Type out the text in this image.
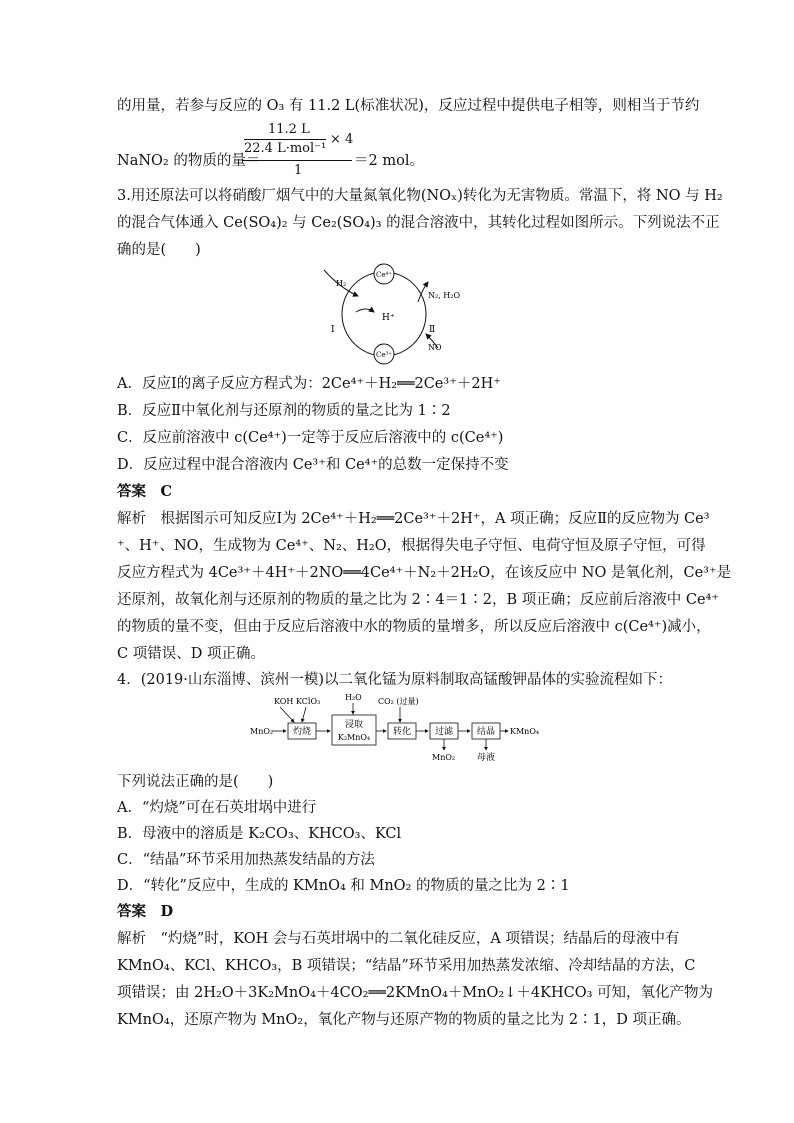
的用量，若参与反应的 O₃ 有 11.2 L(标准状况)，反应过程中提供电子相等，则相当于节约
11.2 L
22.4 L·mol⁻¹
× 4
1
NaNO₂ 的物质的量＝	＝2 mol。
3.用还原法可以将硝酸厂烟气中的大量氮氧化物(NOₓ)转化为无害物质。常温下，将 NO 与 H₂
的混合气体通入 Ce(SO₄)₂ 与 Ce₂(SO₄)₃ 的混合溶液中，其转化过程如图所示。下列说法不正
确的是(　　)
Ce⁴⁺
Ce³⁺
H₂
H⁺
N₂, H₂O
Ⅰ	Ⅱ
NO
A．反应Ⅰ的离子反应方程式为：2Ce⁴⁺＋H₂══2Ce³⁺＋2H⁺
B．反应Ⅱ中氧化剂与还原剂的物质的量之比为 1∶2
C．反应前溶液中 c(Ce⁴⁺)一定等于反应后溶液中的 c(Ce⁴⁺)
D．反应过程中混合溶液内 Ce³⁺和 Ce⁴⁺的总数一定保持不变
答案　C
解析　根据图示可知反应Ⅰ为 2Ce⁴⁺＋H₂══2Ce³⁺＋2H⁺，A 项正确；反应Ⅱ的反应物为 Ce³
⁺、H⁺、NO，生成物为 Ce⁴⁺、N₂、H₂O，根据得失电子守恒、电荷守恒及原子守恒，可得
反应方程式为 4Ce³⁺＋4H⁺＋2NO══4Ce⁴⁺＋N₂＋2H₂O，在该反应中 NO 是氧化剂，Ce³⁺是
还原剂，故氧化剂与还原剂的物质的量之比为 2∶4＝1∶2，B 项正确；反应前后溶液中 Ce⁴⁺
的物质的量不变，但由于反应后溶液中水的物质的量增多，所以反应后溶液中 c(Ce⁴⁺)减小，
C 项错误、D 项正确。
4．(2019·山东淄博、滨州一模)以二氧化锰为原料制取高锰酸钾晶体的实验流程如下：
KOH KClO₃	H₂O CO₂ (过量)
MnO₂ 灼烧
浸取
K₂MnO₄
转化	过滤	结晶 KMnO₄
MnO₂ 母液
下列说法正确的是(　　)
A．“灼烧”可在石英坩埚中进行
B．母液中的溶质是 K₂CO₃、KHCO₃、KCl
C．“结晶”环节采用加热蒸发结晶的方法
D．“转化”反应中，生成的 KMnO₄ 和 MnO₂ 的物质的量之比为 2∶1
答案　D
解析　“灼烧”时，KOH 会与石英坩埚中的二氧化硅反应，A 项错误；结晶后的母液中有
KMnO₄、KCl、KHCO₃，B 项错误；“结晶”环节采用加热蒸发浓缩、冷却结晶的方法，C
项错误；由 2H₂O＋3K₂MnO₄＋4CO₂══2KMnO₄＋MnO₂↓＋4KHCO₃ 可知，氧化产物为
KMnO₄，还原产物为 MnO₂，氧化产物与还原产物的物质的量之比为 2∶1，D 项正确。
